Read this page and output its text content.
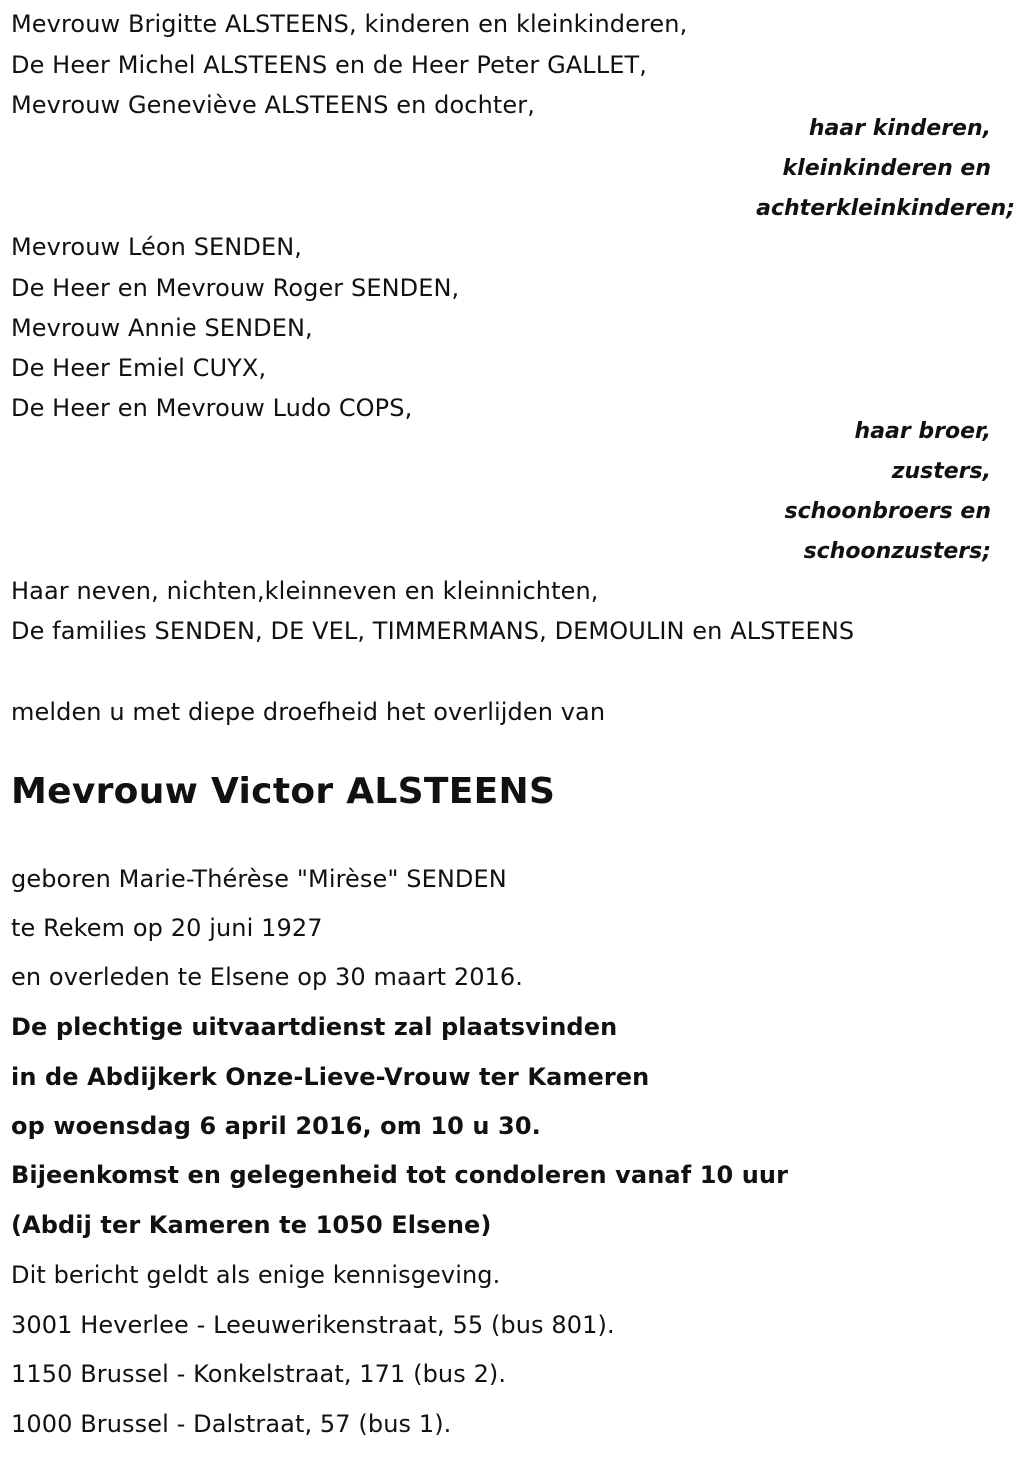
Mevrouw Brigitte ALSTEENS, kinderen en kleinkinderen,
De Heer Michel ALSTEENS en de Heer Peter GALLET,
Mevrouw Geneviève ALSTEENS en dochter,
haar kinderen,
kleinkinderen en
achterkleinkinderen;
Mevrouw Léon SENDEN,
De Heer en Mevrouw Roger SENDEN,
Mevrouw Annie SENDEN,
De Heer Emiel CUYX,
De Heer en Mevrouw Ludo COPS,
haar broer,
zusters,
schoonbroers en
schoonzusters;
Haar neven, nichten,kleinneven en kleinnichten,
De families SENDEN, DE VEL, TIMMERMANS, DEMOULIN en ALSTEENS
melden u met diepe droefheid het overlijden van
Mevrouw Victor ALSTEENS
geboren Marie-Thérèse "Mirèse" SENDEN
te Rekem op 20 juni 1927
en overleden te Elsene op 30 maart 2016.
De plechtige uitvaartdienst zal plaatsvinden
in de Abdijkerk Onze-Lieve-Vrouw ter Kameren
op woensdag 6 april 2016, om 10 u 30.
Bijeenkomst en gelegenheid tot condoleren vanaf 10 uur
(Abdij ter Kameren te 1050 Elsene)
Dit bericht geldt als enige kennisgeving.
3001 Heverlee - Leeuwerikenstraat, 55 (bus 801).
1150 Brussel - Konkelstraat, 171 (bus 2).
1000 Brussel - Dalstraat, 57 (bus 1).
